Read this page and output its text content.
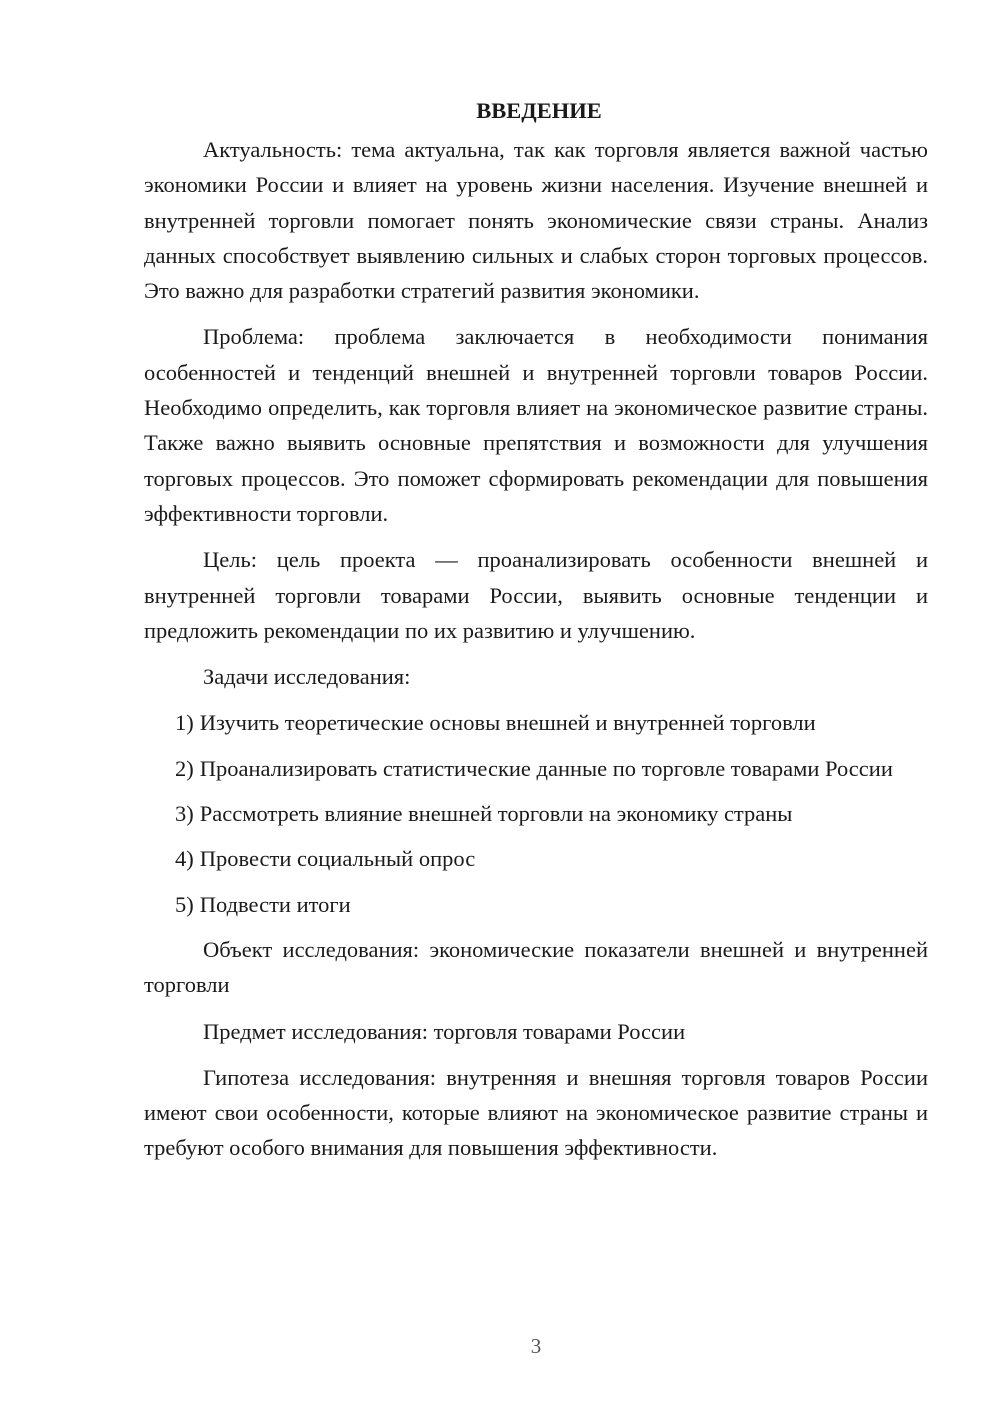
ВВЕДЕНИЕ

Актуальность: тема актуальна, так как торговля является важной частью экономики России и влияет на уровень жизни населения. Изучение внешней и внутренней торговли помогает понять экономические связи страны. Анализ данных способствует выявлению сильных и слабых сторон торговых процессов. Это важно для разработки стратегий развития экономики.

Проблема: проблема заключается в необходимости понимания особенностей и тенденций внешней и внутренней торговли товаров России. Необходимо определить, как торговля влияет на экономическое развитие страны. Также важно выявить основные препятствия и возможности для улучшения торговых процессов. Это поможет сформировать рекомендации для повышения эффективности торговли.

Цель: цель проекта — проанализировать особенности внешней и внутренней торговли товарами России, выявить основные тенденции и предложить рекомендации по их развитию и улучшению.

Задачи исследования:

1) Изучить теоретические основы внешней и внутренней торговли
2) Проанализировать статистические данные по торговле товарами России
3) Рассмотреть влияние внешней торговли на экономику страны
4) Провести социальный опрос
5) Подвести итоги

Объект исследования: экономические показатели внешней и внутренней торговли

Предмет исследования: торговля товарами России

Гипотеза исследования: внутренняя и внешняя торговля товаров России имеют свои особенности, которые влияют на экономическое развитие страны и требуют особого внимания для повышения эффективности.

3
